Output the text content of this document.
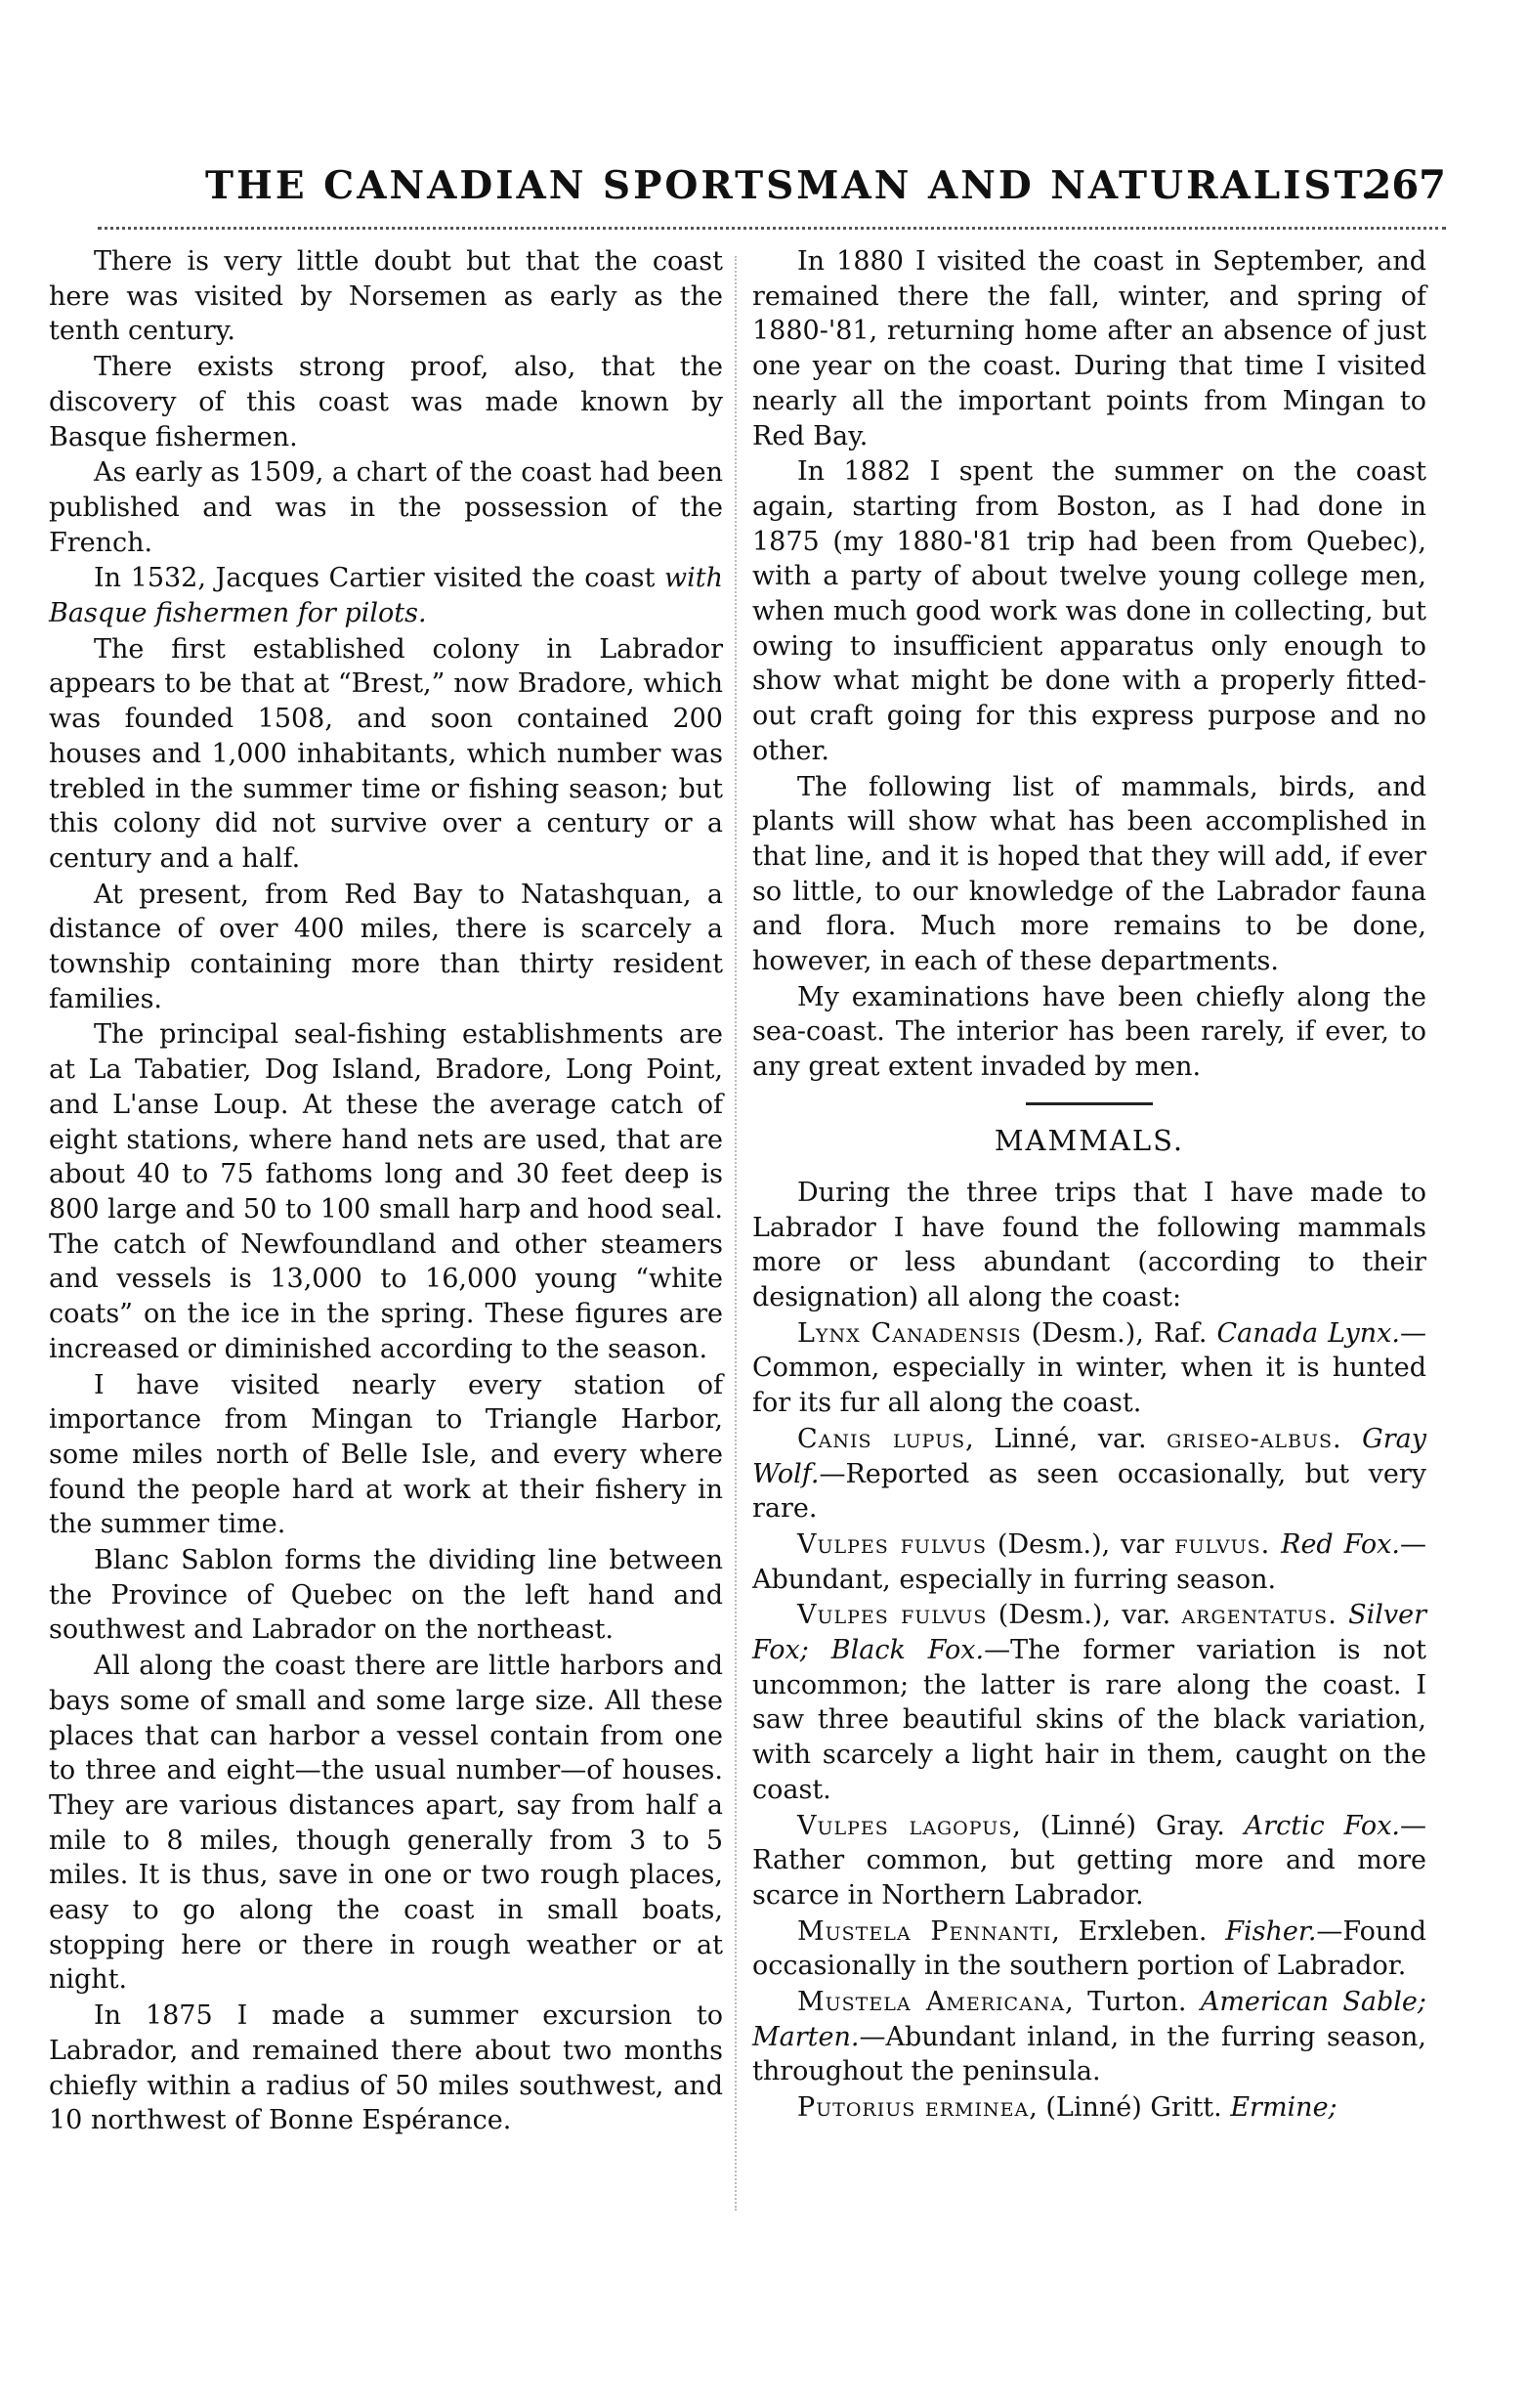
THE CANADIAN SPORTSMAN AND NATURALIST.
267

There is very little doubt but that the coast here was visited by Norsemen as early as the tenth century.

There exists strong proof, also, that the discovery of this coast was made known by Basque fishermen.

As early as 1509, a chart of the coast had been published and was in the possession of the French.

In 1532, Jacques Cartier visited the coast with Basque fishermen for pilots.

The first established colony in Labrador appears to be that at “Brest,” now Bradore, which was founded 1508, and soon contained 200 houses and 1,000 inhabitants, which number was trebled in the summer time or fishing season; but this colony did not survive over a century or a century and a half.

At present, from Red Bay to Natashquan, a distance of over 400 miles, there is scarcely a township containing more than thirty resident families.

The principal seal-fishing establishments are at La Tabatier, Dog Island, Bradore, Long Point, and L'anse Loup. At these the average catch of eight stations, where hand nets are used, that are about 40 to 75 fathoms long and 30 feet deep is 800 large and 50 to 100 small harp and hood seal. The catch of Newfoundland and other steamers and vessels is 13,000 to 16,000 young “white coats” on the ice in the spring. These figures are increased or diminished according to the season.

I have visited nearly every station of importance from Mingan to Triangle Harbor, some miles north of Belle Isle, and every where found the people hard at work at their fishery in the summer time.

Blanc Sablon forms the dividing line between the Province of Quebec on the left hand and southwest and Labrador on the northeast.

All along the coast there are little harbors and bays some of small and some large size. All these places that can harbor a vessel contain from one to three and eight—the usual number—of houses. They are various distances apart, say from half a mile to 8 miles, though generally from 3 to 5 miles. It is thus, save in one or two rough places, easy to go along the coast in small boats, stopping here or there in rough weather or at night.

In 1875 I made a summer excursion to Labrador, and remained there about two months chiefly within a radius of 50 miles southwest, and 10 northwest of Bonne Espérance.

In 1880 I visited the coast in September, and remained there the fall, winter, and spring of 1880-'81, returning home after an absence of just one year on the coast. During that time I visited nearly all the important points from Mingan to Red Bay.

In 1882 I spent the summer on the coast again, starting from Boston, as I had done in 1875 (my 1880-'81 trip had been from Quebec), with a party of about twelve young college men, when much good work was done in collecting, but owing to insufficient apparatus only enough to show what might be done with a properly fitted-out craft going for this express purpose and no other.

The following list of mammals, birds, and plants will show what has been accomplished in that line, and it is hoped that they will add, if ever so little, to our knowledge of the Labrador fauna and flora. Much more remains to be done, however, in each of these departments.

My examinations have been chiefly along the sea-coast. The interior has been rarely, if ever, to any great extent invaded by men.

MAMMALS.

During the three trips that I have made to Labrador I have found the following mammals more or less abundant (according to their designation) all along the coast:

Lynx Canadensis (Desm.), Raf. Canada Lynx.—Common, especially in winter, when it is hunted for its fur all along the coast.

Canis lupus, Linné, var. griseo-albus. Gray Wolf.—Reported as seen occasionally, but very rare.

Vulpes fulvus (Desm.), var fulvus. Red Fox.—Abundant, especially in furring season.

Vulpes fulvus (Desm.), var. argentatus. Silver Fox; Black Fox.—The former variation is not uncommon; the latter is rare along the coast. I saw three beautiful skins of the black variation, with scarcely a light hair in them, caught on the coast.

Vulpes lagopus, (Linné) Gray. Arctic Fox.—Rather common, but getting more and more scarce in Northern Labrador.

Mustela Pennanti, Erxleben. Fisher.—Found occasionally in the southern portion of Labrador.

Mustela Americana, Turton. American Sable; Marten.—Abundant inland, in the furring season, throughout the peninsula.

Putorius erminea, (Linné) Gritt. Ermine;
